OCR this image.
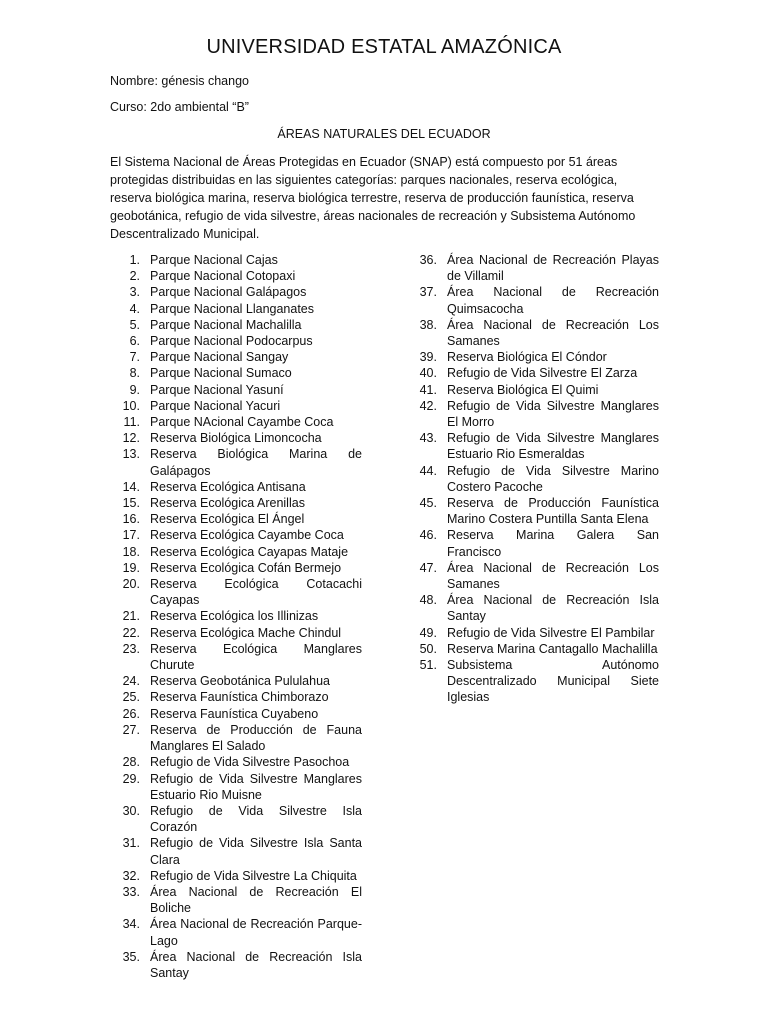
UNIVERSIDAD ESTATAL AMAZÓNICA
Nombre: génesis chango
Curso: 2do ambiental “B”
ÁREAS NATURALES DEL ECUADOR
El Sistema Nacional de Áreas Protegidas en Ecuador (SNAP) está compuesto por 51 áreas protegidas distribuidas en las siguientes categorías: parques nacionales, reserva ecológica, reserva biológica marina, reserva biológica terrestre, reserva de producción faunística, reserva geobotánica, refugio de vida silvestre, áreas nacionales de recreación y Subsistema Autónomo Descentralizado Municipal.
1. Parque Nacional Cajas
2. Parque Nacional Cotopaxi
3. Parque Nacional Galápagos
4. Parque Nacional Llanganates
5. Parque Nacional Machalilla
6. Parque Nacional Podocarpus
7. Parque Nacional Sangay
8. Parque Nacional Sumaco
9. Parque Nacional Yasuní
10. Parque Nacional Yacuri
11. Parque NAcional Cayambe Coca
12. Reserva Biológica Limoncocha
13. Reserva Biológica Marina de Galápagos
14. Reserva Ecológica Antisana
15. Reserva Ecológica Arenillas
16. Reserva Ecológica El Ángel
17. Reserva Ecológica Cayambe Coca
18. Reserva Ecológica Cayapas Mataje
19. Reserva Ecológica Cofán Bermejo
20. Reserva Ecológica Cotacachi Cayapas
21. Reserva Ecológica los Illinizas
22. Reserva Ecológica Mache Chindul
23. Reserva Ecológica Manglares Churute
24. Reserva Geobotánica Pululahua
25. Reserva Faunística Chimborazo
26. Reserva Faunística Cuyabeno
27. Reserva de Producción de Fauna Manglares El Salado
28. Refugio de Vida Silvestre Pasochoa
29. Refugio de Vida Silvestre Manglares Estuario Rio Muisne
30. Refugio de Vida Silvestre Isla Corazón
31. Refugio de Vida Silvestre Isla Santa Clara
32. Refugio de Vida Silvestre La Chiquita
33. Área Nacional de Recreación El Boliche
34. Área Nacional de Recreación Parque-Lago
35. Área Nacional de Recreación Isla Santay
36. Área Nacional de Recreación Playas de Villamil
37. Área Nacional de Recreación Quimsacocha
38. Área Nacional de Recreación Los Samanes
39. Reserva Biológica El Cóndor
40. Refugio de Vida Silvestre El Zarza
41. Reserva Biológica El Quimi
42. Refugio de Vida Silvestre Manglares El Morro
43. Refugio de Vida Silvestre Manglares Estuario Rio Esmeraldas
44. Refugio de Vida Silvestre Marino Costero Pacoche
45. Reserva de Producción Faunística Marino Costera Puntilla Santa Elena
46. Reserva Marina Galera San Francisco
47. Área Nacional de Recreación Los Samanes
48. Área Nacional de Recreación Isla Santay
49. Refugio de Vida Silvestre El Pambilar
50. Reserva Marina Cantagallo Machalilla
51. Subsistema Autónomo Descentralizado Municipal Siete Iglesias
